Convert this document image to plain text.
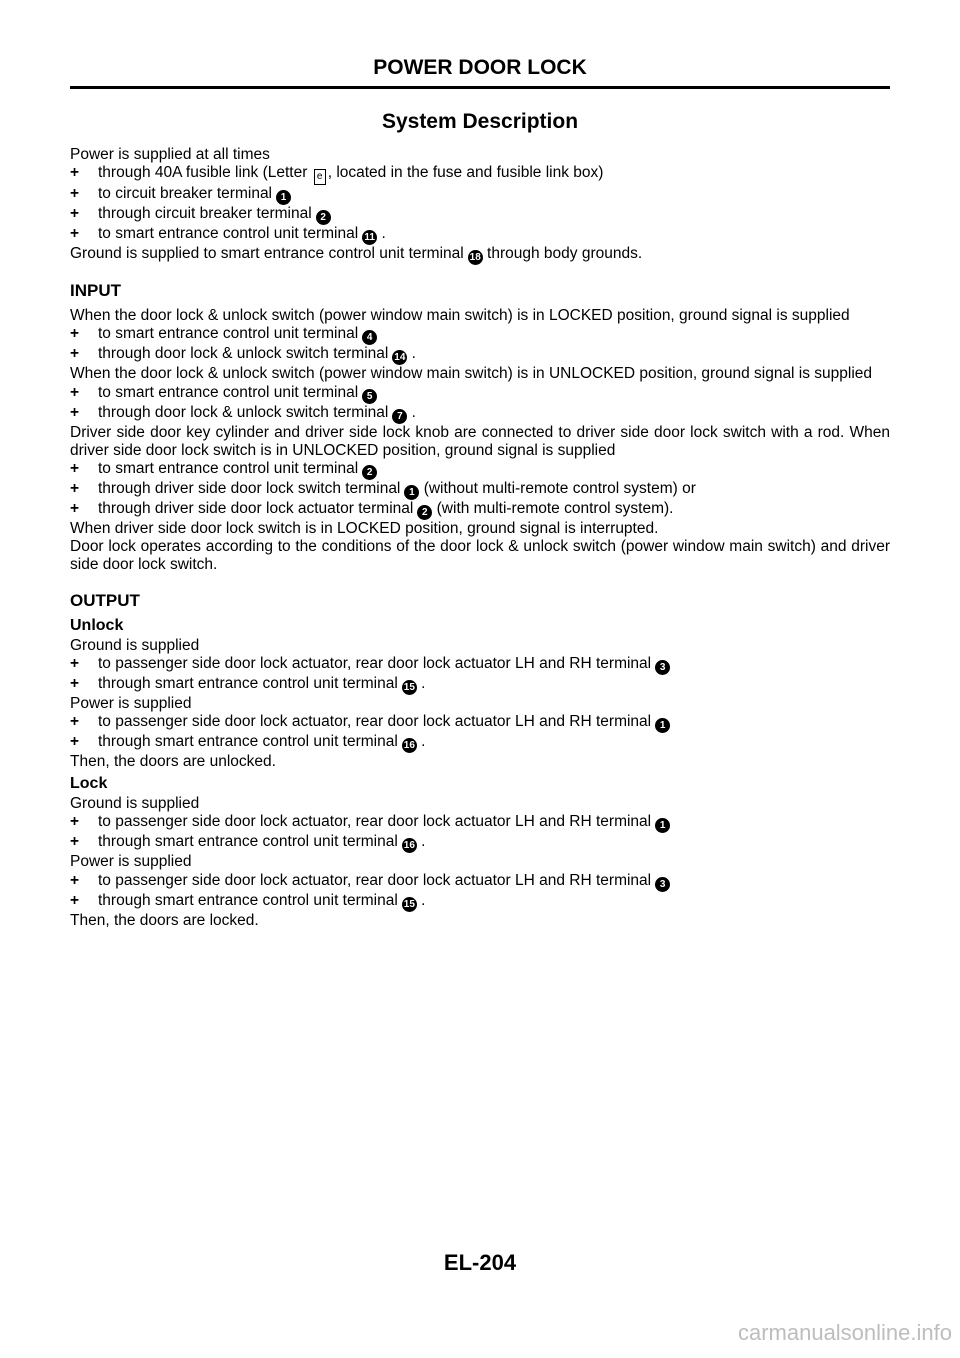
POWER DOOR LOCK
System Description

Power is supplied at all times

+ through 40A fusible link (Letter e , located in the fuse and fusible link box)

+ to circuit breaker terminal 1

+ through circuit breaker terminal 2

+ to smart entrance control unit terminal 11 .

Ground is supplied to smart entrance control unit terminal 18 through body grounds.

INPUT

When the door lock & unlock switch (power window main switch) is in LOCKED position, ground signal is supplied

+ to smart entrance control unit terminal 4

+ through door lock & unlock switch terminal 14 .

When the door lock & unlock switch (power window main switch) is in UNLOCKED position, ground signal is supplied

+ to smart entrance control unit terminal 5

+ through door lock & unlock switch terminal 7 .

Driver side door key cylinder and driver side lock knob are connected to driver side door lock switch with a rod. When driver side door lock switch is in UNLOCKED position, ground signal is supplied

+ to smart entrance control unit terminal 2

+ through driver side door lock switch terminal 1 (without multi-remote control system) or

+ through driver side door lock actuator terminal 2 (with multi-remote control system).

When driver side door lock switch is in LOCKED position, ground signal is interrupted.

Door lock operates according to the conditions of the door lock & unlock switch (power window main switch) and driver side door lock switch.

OUTPUT
Unlock

Ground is supplied

+ to passenger side door lock actuator, rear door lock actuator LH and RH terminal 3

+ through smart entrance control unit terminal 15 .

Power is supplied

+ to passenger side door lock actuator, rear door lock actuator LH and RH terminal 1

+ through smart entrance control unit terminal 16 .

Then, the doors are unlocked.

Lock

Ground is supplied

+ to passenger side door lock actuator, rear door lock actuator LH and RH terminal 1

+ through smart entrance control unit terminal 16 .

Power is supplied

+ to passenger side door lock actuator, rear door lock actuator LH and RH terminal 3

+ through smart entrance control unit terminal 15 .

Then, the doors are locked.

EL-204
carmanualsonline.info
